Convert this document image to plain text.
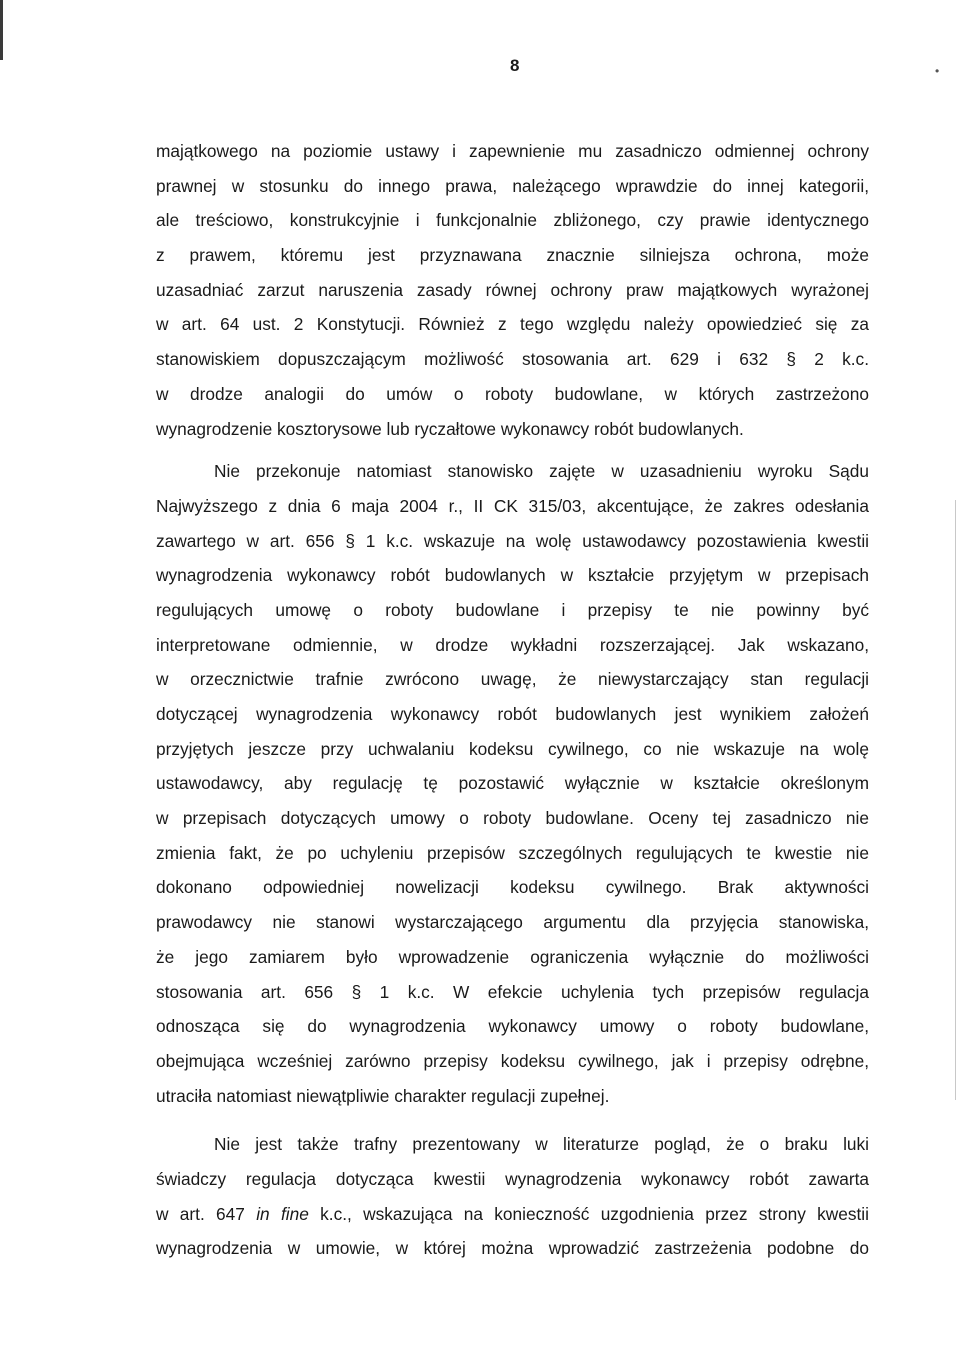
8	•
majątkowego na poziomie ustawy i zapewnienie mu zasadniczo odmiennej ochrony
prawnej w stosunku do innego prawa, należącego wprawdzie do innej kategorii,
ale treściowo, konstrukcyjnie i funkcjonalnie zbliżonego, czy prawie identycznego
z prawem, któremu jest przyznawana znacznie silniejsza ochrona, może
uzasadniać zarzut naruszenia zasady równej ochrony praw majątkowych wyrażonej
w art. 64 ust. 2 Konstytucji. Również z tego względu należy opowiedzieć się za
stanowiskiem dopuszczającym możliwość stosowania art. 629 i 632 § 2 k.c.
w drodze analogii do umów o roboty budowlane, w których zastrzeżono
wynagrodzenie kosztorysowe lub ryczałtowe wykonawcy robót budowlanych.
Nie przekonuje natomiast stanowisko zajęte w uzasadnieniu wyroku Sądu
Najwyższego z dnia 6 maja 2004 r., II CK 315/03, akcentujące, że zakres odesłania
zawartego w art. 656 § 1 k.c. wskazuje na wolę ustawodawcy pozostawienia kwestii
wynagrodzenia wykonawcy robót budowlanych w kształcie przyjętym w przepisach
regulujących umowę o roboty budowlane i przepisy te nie powinny być
interpretowane odmiennie, w drodze wykładni rozszerzającej. Jak wskazano,
w orzecznictwie trafnie zwrócono uwagę, że niewystarczający stan regulacji
dotyczącej wynagrodzenia wykonawcy robót budowlanych jest wynikiem założeń
przyjętych jeszcze przy uchwalaniu kodeksu cywilnego, co nie wskazuje na wolę
ustawodawcy, aby regulację tę pozostawić wyłącznie w kształcie określonym
w przepisach dotyczących umowy o roboty budowlane. Oceny tej zasadniczo nie
zmienia fakt, że po uchyleniu przepisów szczególnych regulujących te kwestie nie
dokonano odpowiedniej nowelizacji kodeksu cywilnego. Brak aktywności
prawodawcy nie stanowi wystarczającego argumentu dla przyjęcia stanowiska,
że jego zamiarem było wprowadzenie ograniczenia wyłącznie do możliwości
stosowania art. 656 § 1 k.c. W efekcie uchylenia tych przepisów regulacja
odnosząca się do wynagrodzenia wykonawcy umowy o roboty budowlane,
obejmująca wcześniej zarówno przepisy kodeksu cywilnego, jak i przepisy odrębne,
utraciła natomiast niewątpliwie charakter regulacji zupełnej.
Nie jest także trafny prezentowany w literaturze pogląd, że o braku luki
świadczy regulacja dotycząca kwestii wynagrodzenia wykonawcy robót zawarta
w art. 647 in fine k.c., wskazująca na konieczność uzgodnienia przez strony kwestii
wynagrodzenia w umowie, w której można wprowadzić zastrzeżenia podobne do
